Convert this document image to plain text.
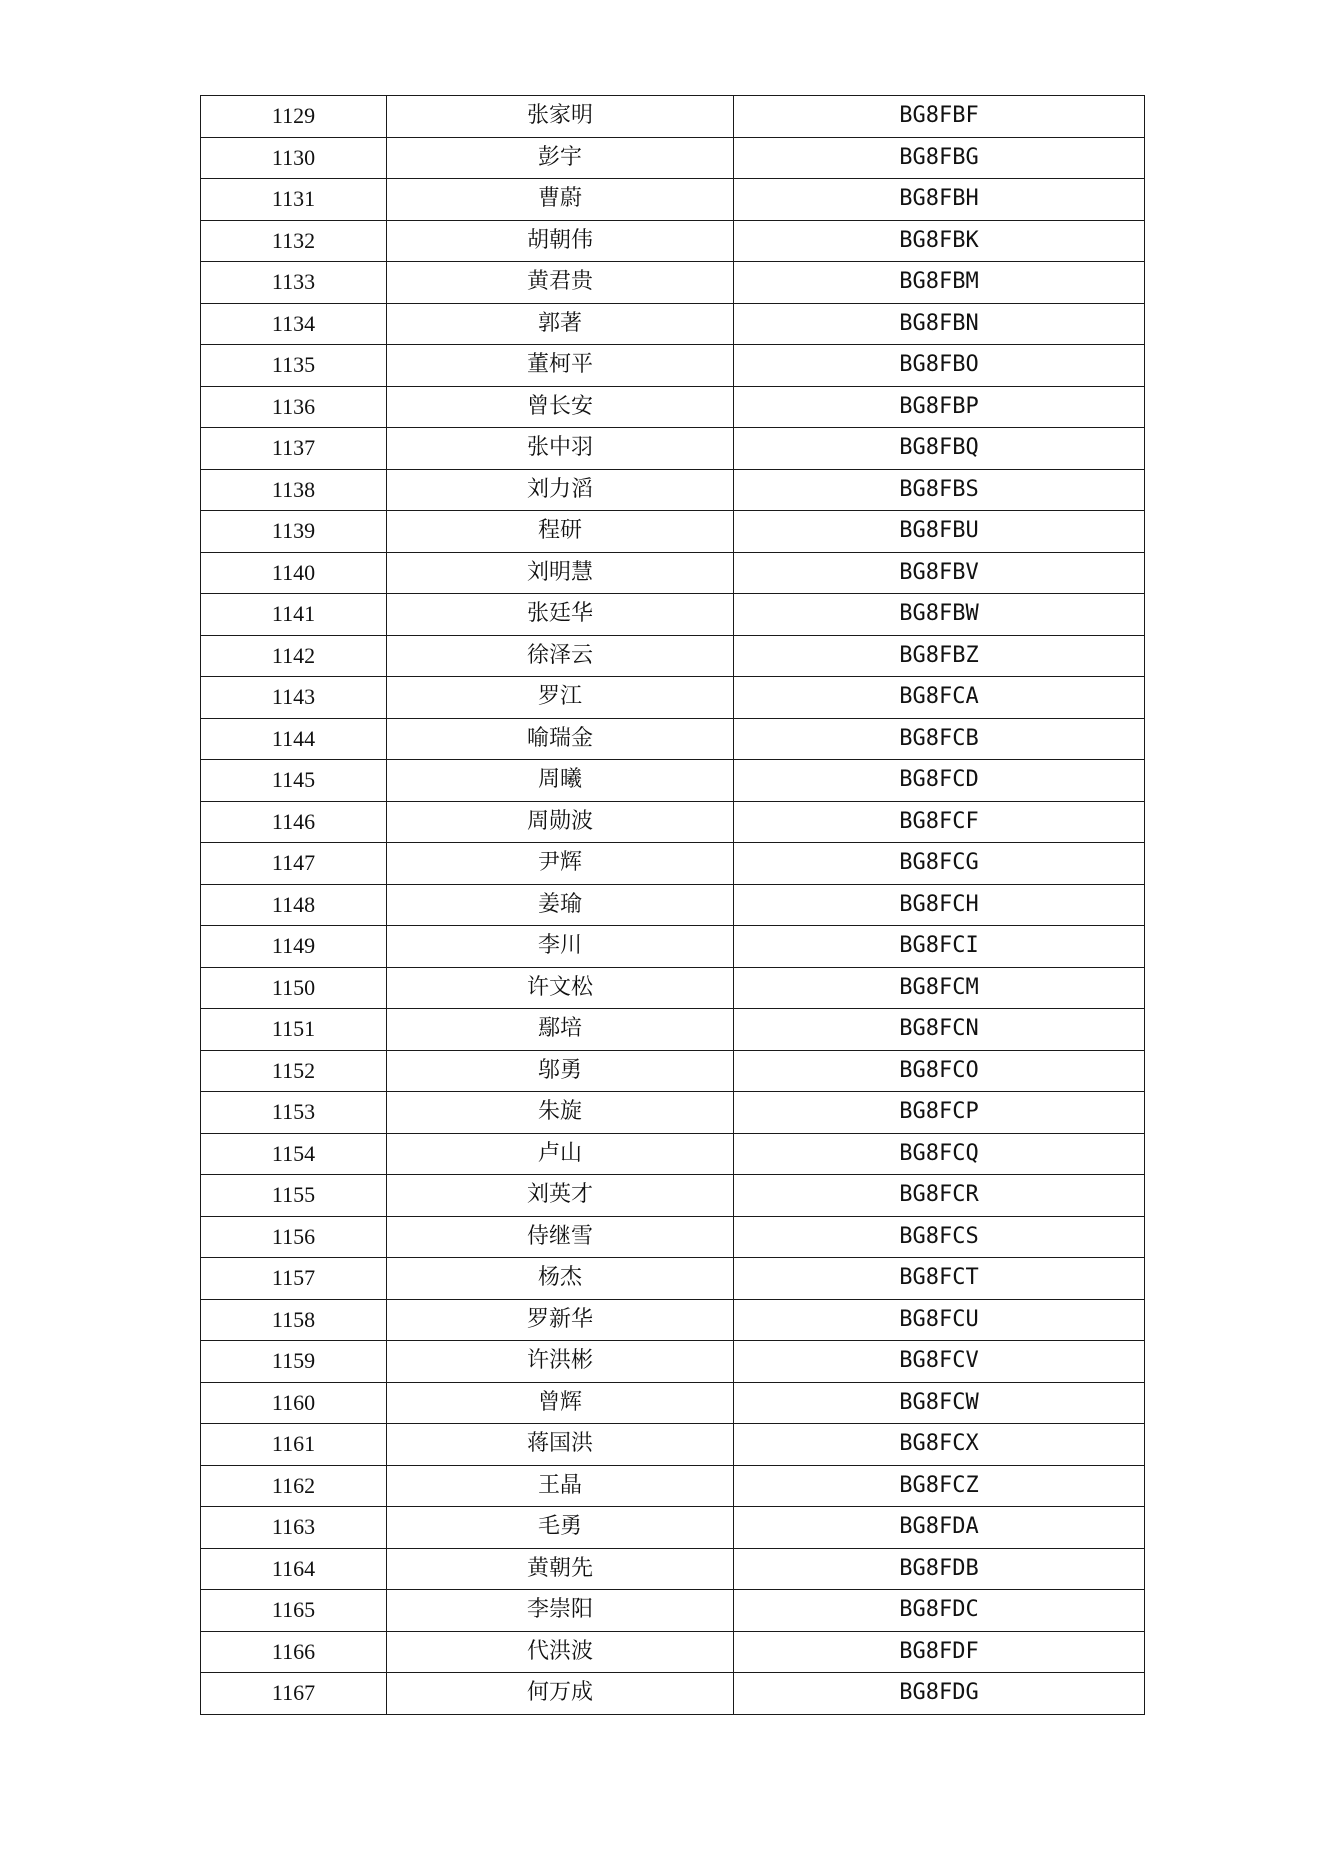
1129	张家明	BG8FBF
1130	彭宇	BG8FBG
1131	曹蔚	BG8FBH
1132	胡朝伟	BG8FBK
1133	黄君贵	BG8FBM
1134	郭著	BG8FBN
1135	董柯平	BG8FBO
1136	曾长安	BG8FBP
1137	张中羽	BG8FBQ
1138	刘力滔	BG8FBS
1139	程研	BG8FBU
1140	刘明慧	BG8FBV
1141	张廷华	BG8FBW
1142	徐泽云	BG8FBZ
1143	罗江	BG8FCA
1144	喻瑞金	BG8FCB
1145	周曦	BG8FCD
1146	周勋波	BG8FCF
1147	尹辉	BG8FCG
1148	姜瑜	BG8FCH
1149	李川	BG8FCI
1150	许文松	BG8FCM
1151	鄢培	BG8FCN
1152	邬勇	BG8FCO
1153	朱旋	BG8FCP
1154	卢山	BG8FCQ
1155	刘英才	BG8FCR
1156	侍继雪	BG8FCS
1157	杨杰	BG8FCT
1158	罗新华	BG8FCU
1159	许洪彬	BG8FCV
1160	曾辉	BG8FCW
1161	蒋国洪	BG8FCX
1162	王晶	BG8FCZ
1163	毛勇	BG8FDA
1164	黄朝先	BG8FDB
1165	李崇阳	BG8FDC
1166	代洪波	BG8FDF
1167	何万成	BG8FDG
